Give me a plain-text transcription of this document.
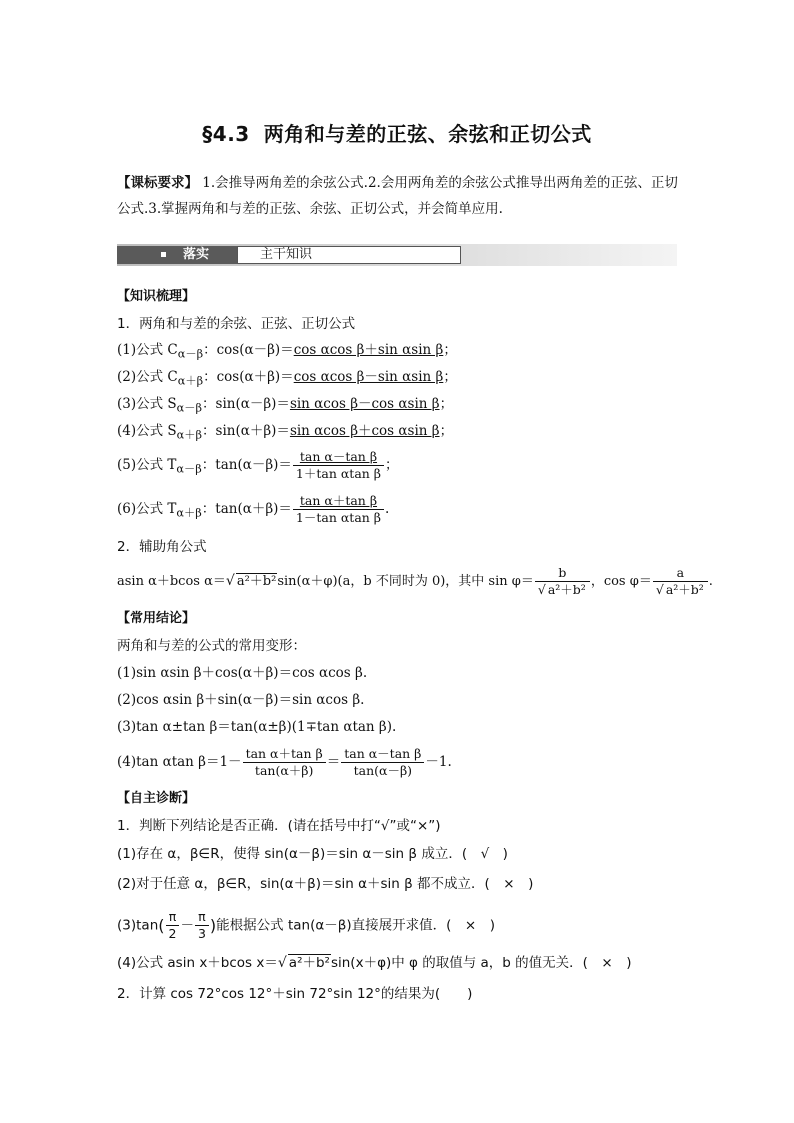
§4.3 两角和与差的正弦、余弦和正切公式
【课标要求】 1.会推导两角差的余弦公式.2.会用两角差的余弦公式推导出两角差的正弦、正切公式.3.掌握两角和与差的正弦、余弦、正切公式，并会简单应用.
落实	主干知识
【知识梳理】
1．两角和与差的余弦、正弦、正切公式
(1)公式 $C_{\alpha-\beta}$：cos(α－β)＝cos αcos β＋sin αsin β；
(2)公式 $C_{\alpha+\beta}$：cos(α＋β)＝cos αcos β－sin αsin β；
(3)公式 $S_{\alpha-\beta}$：sin(α－β)＝sin αcos β－cos αsin β；
(4)公式 $S_{\alpha+\beta}$：sin(α＋β)＝sin αcos β＋cos αsin β；
(5)公式 $T_{\alpha-\beta}$：$\tan(\alpha-\beta)= \frac{\text{tan α－tan β}}{\text{1＋tan αtan β}}$ ；
(6)公式 $T_{\alpha+\beta}$：$\tan(\alpha+\beta)= \frac{\text{tan α＋tan β}}{\text{1－tan αtan β}}$ .
2．辅助角公式
asin α＋bcos α＝√ a²＋b²sin(α＋φ)(a，b 不同时为 0)，其中 $\sin \varphi= \frac{b}{\text{√ a²＋b²}}$ ，$\cos \varphi= \frac{a}{\text{√ a²＋b²}}$ .
【常用结论】
两角和与差的公式的常用变形：
(1)sin αsin β＋cos(α＋β)＝cos αcos β.
(2)cos αsin β＋sin(α－β)＝sin αcos β.
(3)tan α±tan β＝tan(α±β)(1∓tan αtan β).
(4)tan αtan $\beta=1- \frac{\text{tan α＋tan β}}{\tan(\alpha+\beta)} = \frac{\text{tan α－tan β}}{\tan(\alpha-\beta)} -1$.
【自主诊断】
1．判断下列结论是否正确．(请在括号中打“√”或“×”)
(1)存在 α，β∈R，使得 sin(α－β)＝sin α－sin β 成立．(　√　)
(2)对于任意 α，β∈R，sin(α＋β)＝sin α＋sin β 都不成立．(　×　)
$(3)\tan( \frac{\pi}{2} - \frac{\pi}{3}$ )能根据公式 tan(α－β)直接展开求值．(　×　)
(4)公式 asin x＋bcos x＝√ a²＋b²sin(x＋φ)中 φ 的取值与 a，b 的值无关．(　×　)
2．计算 cos 72°cos 12°＋sin 72°sin 12°的结果为(　　)
